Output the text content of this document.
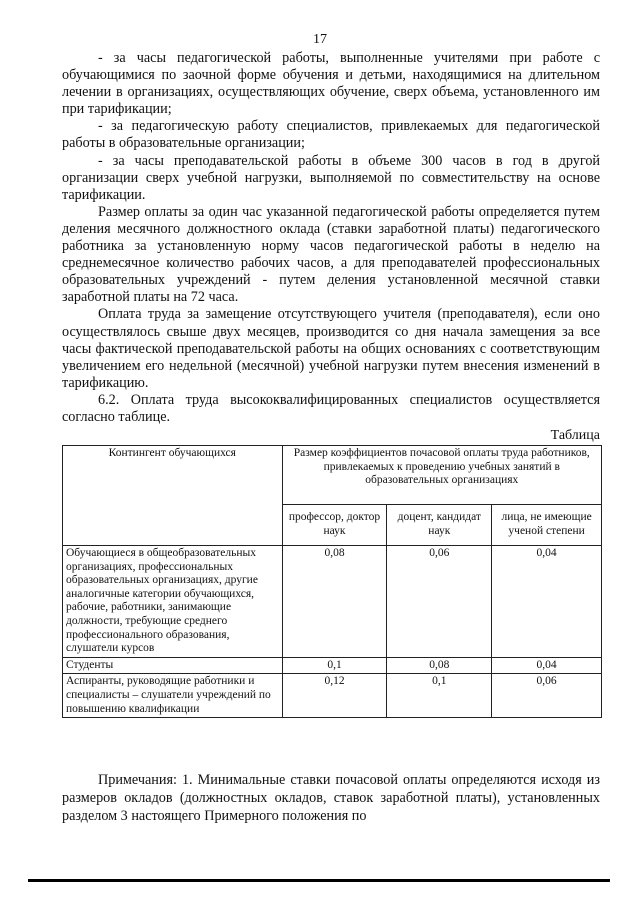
17

- за часы педагогической работы, выполненные учителями при работе с обучающимися по заочной форме обучения и детьми, находящимися на длительном лечении в организациях, осуществляющих обучение, сверх объема, установленного им при тарификации;

- за педагогическую работу специалистов, привлекаемых для педагогической работы в образовательные организации;

- за часы преподавательской работы в объеме 300 часов в год в другой организации сверх учебной нагрузки, выполняемой по совместительству на основе тарификации.

Размер оплаты за один час указанной педагогической работы определяется путем деления месячного должностного оклада (ставки заработной платы) педагогического работника за установленную норму часов педагогической работы в неделю на среднемесячное количество рабочих часов, а для преподавателей профессиональных образовательных учреждений - путем деления установленной месячной ставки заработной платы на 72 часа.

Оплата труда за замещение отсутствующего учителя (преподавателя), если оно осуществлялось свыше двух месяцев, производится со дня начала замещения за все часы фактической преподавательской работы на общих основаниях с соответствующим увеличением его недельной (месячной) учебной нагрузки путем внесения изменений в тарификацию.

6.2. Оплата труда высококвалифицированных специалистов осуществляется согласно таблице.

Таблица
Контингент обучающихся	Размер коэффициентов почасовой оплаты труда работников, привлекаемых к проведению учебных занятий в образовательных организациях		
	профессор, доктор наук	доцент, кандидат наук	лица, не имеющие ученой степени
Обучающиеся в общеобразовательных организациях, профессиональных образовательных организациях, другие аналогичные категории обучающихся, рабочие, работники, занимающие должности, требующие среднего профессионального образования, слушатели курсов	0,08	0,06	0,04
Студенты	0,1	0,08	0,04
Аспиранты, руководящие работники и специалисты – слушатели учреждений по повышению квалификации	0,12	0,1	0,06

Примечания: 1. Минимальные ставки почасовой оплаты определяются исходя из размеров окладов (должностных окладов, ставок заработной платы), установленных разделом 3 настоящего Примерного положения по
